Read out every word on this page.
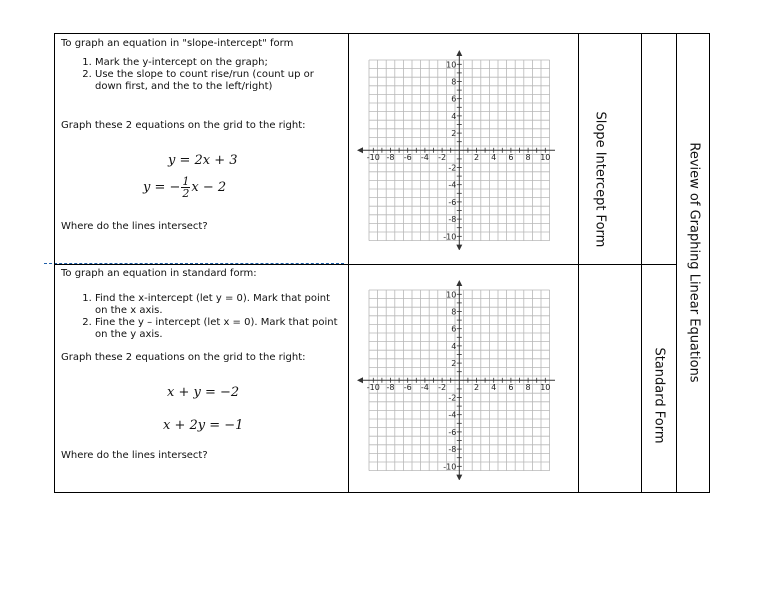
To graph an equation in "slope-intercept" form

1. Mark the y-intercept on the graph;
2. Use the slope to count rise/run (count up or down first, and the to the left/right)

Graph these 2 equations on the grid to the right:

y = 2x + 3
y = − $\frac{1}{2}$ x − 2
Where do the lines intersect?

To graph an equation in standard form:

1. Find the x-intercept (let y = 0). Mark that point on the x axis.
2. Fine the y – intercept (let x = 0). Mark that point on the y axis.

Graph these 2 equations on the grid to the right:

x + y = −2
x + 2y = −1
Where do the lines intersect?
-10 -8 -6 -4 -2	2 4 6 8 10
10
8
6
4
2
-2
-4
-6
-8
-10
-10 -8 -6 -4 -2	2 4 6 8 10
10
8
6
4
2
-2
-4
-6
-8
-10
Slope Intercept Form
Standard Form
Review of Graphing Linear Equations
